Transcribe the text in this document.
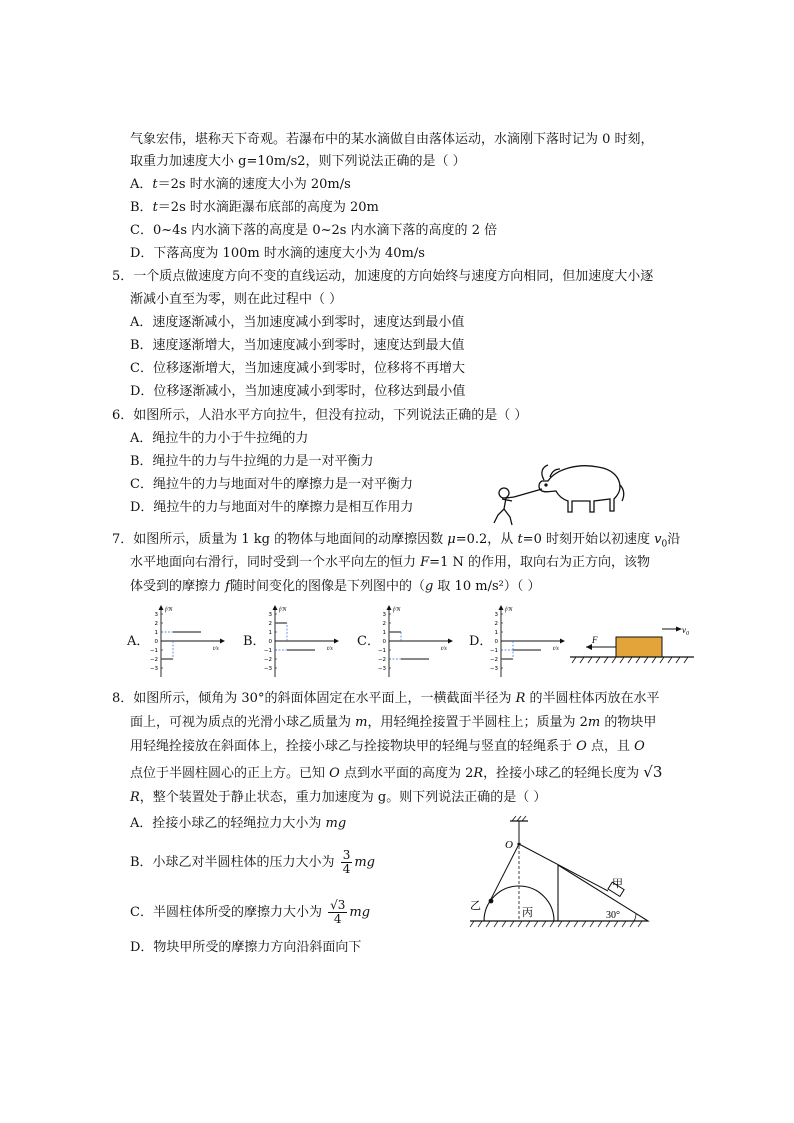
气象宏伟，堪称天下奇观。若瀑布中的某水滴做自由落体运动，水滴刚下落时记为 0 时刻，
取重力加速度大小 g=10m/s2，则下列说法正确的是（ ）
A．t＝2s 时水滴的速度大小为 20m/s
B．t＝2s 时水滴距瀑布底部的高度为 20m
C．0~4s 内水滴下落的高度是 0~2s 内水滴下落的高度的 2 倍
D．下落高度为 100m 时水滴的速度大小为 40m/s
5．一个质点做速度方向不变的直线运动，加速度的方向始终与速度方向相同，但加速度大小逐
渐减小直至为零，则在此过程中（ ）
A．速度逐渐减小，当加速度减小到零时，速度达到最小值
B．速度逐渐增大，当加速度减小到零时，速度达到最大值
C．位移逐渐增大，当加速度减小到零时，位移将不再增大
D．位移逐渐减小，当加速度减小到零时，位移达到最小值
6．如图所示，人沿水平方向拉牛，但没有拉动，下列说法正确的是（ ）
A．绳拉牛的力小于牛拉绳的力
B．绳拉牛的力与牛拉绳的力是一对平衡力
C．绳拉牛的力与地面对牛的摩擦力是一对平衡力
D．绳拉牛的力与地面对牛的摩擦力是相互作用力
7．如图所示，质量为 1 kg 的物体与地面间的动摩擦因数 μ=0.2，从 t=0 时刻开始以初速度 $v_0$沿
水平地面向右滑行，同时受到一个水平向左的恒力 F=1 N 的作用，取向右为正方向，该物
体受到的摩擦力 f随时间变化的图像是下列图中的（g 取 10 m/s²）（ ）
A．	B．	C．	D．
f/N
t/s
3
2
1
0
−1
−2
−3
f/N
t/s
3
2
1
0
−1
−2
−3
f/N
t/s
3
2
1
0
−1
−2
−3
f/N
t/s
3
2
1
0
−1
−2
−3
F
$v_0$
8．如图所示，倾角为 30°的斜面体固定在水平面上，一横截面半径为 R 的半圆柱体丙放在水平
面上，可视为质点的光滑小球乙质量为 m，用轻绳拴接置于半圆柱上；质量为 2m 的物块甲
用轻绳拴接放在斜面体上，拴接小球乙与拴接物块甲的轻绳与竖直的轻绳系于 O 点，且 O
点位于半圆柱圆心的正上方。已知 O 点到水平面的高度为 2R，拴接小球乙的轻绳长度为 √3
R，整个装置处于静止状态，重力加速度为 g。则下列说法正确的是（ ）
A．拴接小球乙的轻绳拉力大小为 mg
B．小球乙对半圆柱体的压力大小为 $\frac{3}{4}$ mg
C．半圆柱体所受的摩擦力大小为 $\frac{√3}{4}$ mg
D．物块甲所受的摩擦力方向沿斜面向下
O
甲
乙
丙	30°
